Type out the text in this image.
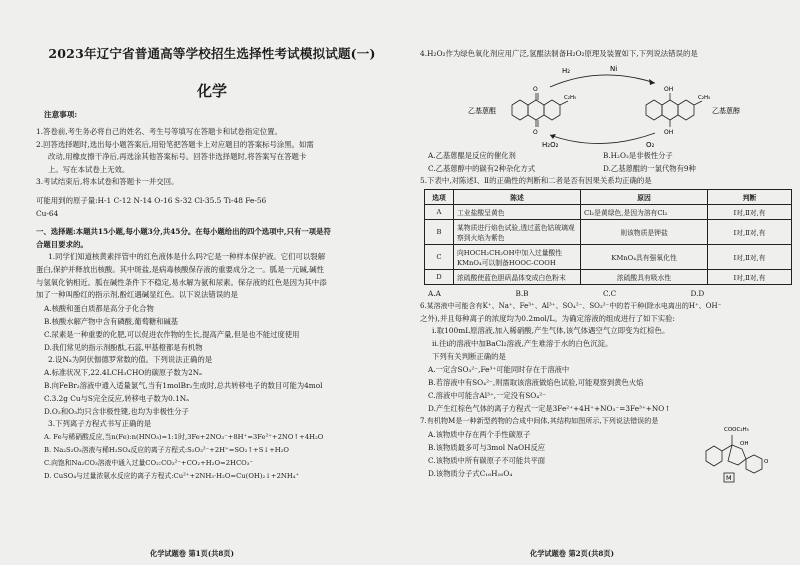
2023年辽宁省普通高等学校招生选择性考试模拟试题(一)
化学
注意事项:

1.答卷前,考生务必将自己的姓名、考生号等填写在答题卡和试卷指定位置。

2.回答选择题时,选出每小题答案后,用铅笔把答题卡上对应题目的答案标号涂黑。如需

改动,用橡皮擦干净后,再选涂其他答案标号。回答非选择题时,将答案写在答题卡

上。写在本试卷上无效。

3.考试结束后,将本试卷和答题卡一并交回。

可能用到的原子量:H-1 C-12 N-14 O-16 S-32 Cl-35.5 Ti-48 Fe-56

Cu-64

一、选择题:本题共15小题,每小题3分,共45分。在每小题给出的四个选项中,只有一项是符

合题目要求的。

1.同学们知道核黄素拌管中的红色液体是什么吗?它是一种样本保护液。它们可以裂解

蛋白,保护并释放出核酸。其中斑盐,是病毒核酸保存液的重要成分之一。胍是一元碱,碱性

与氢氧化钠相近。胍在碱性条件下不稳定,易水解为氨和尿素。保存液的红色是因为其中添

加了一种叫酚红的指示剂,酚红遇碱显红色。以下说法错误的是

A.核酸和蛋白质都是高分子化合物

B.核酸水解产物中含有磷酸,葡萄糖和碱基

C.尿素是一种重要的化肥,可以促进农作物的生长,提高产量,但是也不能过度使用

D.我们常见的指示剂酚酞,石蕊,甲基橙都是有机物

2.设Nₐ为阿伏伽德罗常数的值。下列说法正确的是

A.标准状况下,22.4LCH₃CHO的碳原子数为2Nₐ

B.向FeBr₂溶液中通入适量氯气,当有1molBr₂生成时,总共转移电子的数目可能为4mol

C.3.2g Cu与S完全反应,转移电子数为0.1Nₐ

D.O₂和O₃均只含非极性键,也均为非极性分子

3.下列离子方程式书写正确的是

A. Fe与稀硝酸反应,当n(Fe):n(HNO₃)=1:1时,3Fe+2NO₃⁻+8H⁺=3Fe²⁺+2NO↑+4H₂O

B. Na₂S₂O₃溶液与稀H₂SO₄反应的离子方程式:S₂O₃²⁻+2H⁺=SO₂↑+S↓+H₂O

C.向饱和Na₂CO₃溶液中通入过量CO₂:CO₃²⁻+CO₂+H₂O=2HCO₃⁻

D. CuSO₄与过量浓氨水反应的离子方程式:Cu²⁺+2NH₃·H₂O=Cu(OH)₂↓+2NH₄⁺

化学试题卷 第1页(共8页)

4.H₂O₂作为绿色氧化剂应用广泛,氢醌法制备H₂O₂原理及装置如下,下列说法错误的是

H₂	Ni
O
O
C₂H₅
乙基蒽醌
OH
OH
C₂H₅
乙基蒽醇
H₂O₂	O₂

A.乙基蒽醌是反应的催化剂	B.H₂O₂是非极性分子

C.乙基蒽醇中的碳有2种杂化方式	D.乙基蒽醌的一氯代物有9种

5.下表中,对陈述Ⅰ、Ⅱ的正确性的判断和二者是否有因果关系均正确的是

选项	陈述	原因	判断
A	工业盐酸呈黄色	Cl₂是黄绿色,是因为溶有Cl₂	Ⅰ对,Ⅱ对,有
B	某物质进行焰色试验,透过蓝色钴玻璃观察到火焰为紫色	则该物质是钾盐	Ⅰ对,Ⅱ对,有
C	向HOCH₂CH₂OH中加入过量酸性KMnO₄可以制备HOOC-COOH	KMnO₄具有强氧化性	Ⅰ对,Ⅱ对,有
D	浓硫酸使蓝色胆矾晶体变成白色粉末	浓硫酸具有吸水性	Ⅰ对,Ⅱ对,有

A.A	B.B	C.C	D.D

6.某溶液中可能含有K⁺、Na⁺、Fe³⁺、Al³⁺、SO₄²⁻、SO₃²⁻中的若干种(除水电离出的H⁺、OH⁻

之外),并且每种离子的浓度均为0.2mol/L。为确定溶液的组成进行了如下实验:

ⅰ.取100mL原溶液,加入稀硝酸,产生气体,该气体遇空气立即变为红棕色。

ⅱ.往ⅰ的溶液中加BaCl₂溶液,产生难溶于水的白色沉淀。

下列有关判断正确的是

A.一定含SO₃²⁻,Fe³⁺可能同时存在于溶液中

B.若溶液中有SO₄²⁻,则需取该溶液做焰色试验,可能观察到黄色火焰

C.溶液中可能含Al³⁺,一定没有SO₄²⁻

D.产生红棕色气体的离子方程式一定是3Fe²⁺+4H⁺+NO₃⁻=3Fe³⁺+NO↑

7.有机物M是一种新型药物的合成中间体,其结构如图所示,下列说法错误的是

A.该物质中存在两个手性碳原子

B.该物质最多可与3mol NaOH反应

C.该物质中所有碳原子不可能共平面

D.该物质分子式C₁₆H₁₆O₄

COOC₂H₅
OH
O
M
化学试题卷 第2页(共8页)
